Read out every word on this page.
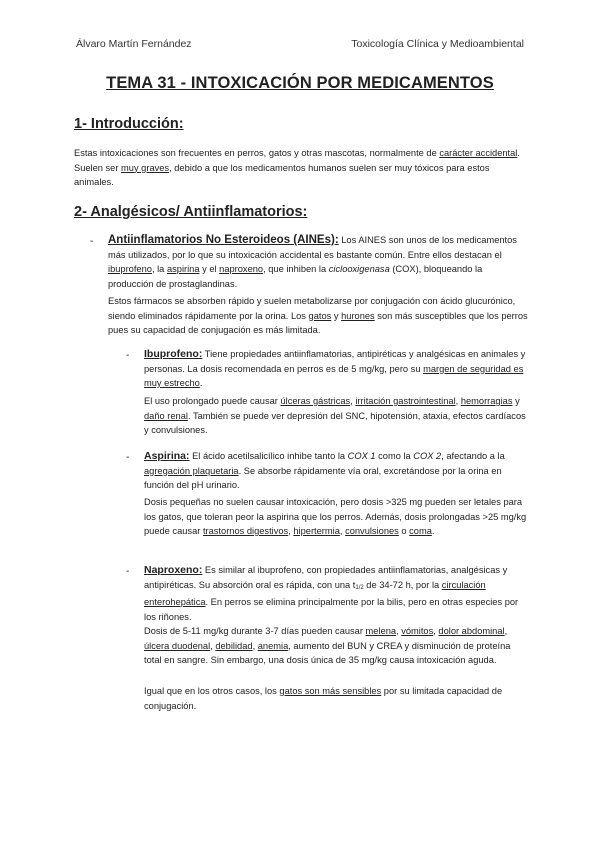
Álvaro Martín Fernández	Toxicología Clínica y Medioambiental
TEMA 31 - INTOXICACIÓN POR MEDICAMENTOS
1- Introducción:
Estas intoxicaciones son frecuentes en perros, gatos y otras mascotas, normalmente de carácter accidental. Suelen ser muy graves, debido a que los medicamentos humanos suelen ser muy tóxicos para estos animales.
2- Analgésicos/ Antiinflamatorios:
- Antiinflamatorios No Esteroideos (AINEs): Los AINES son unos de los medicamentos más utilizados, por lo que su intoxicación accidental es bastante común. Entre ellos destacan el ibuprofeno, la aspirina y el naproxeno, que inhiben la ciclooxigenasa (COX), bloqueando la producción de prostaglandinas.
Estos fármacos se absorben rápido y suelen metabolizarse por conjugación con ácido glucurónico, siendo eliminados rápidamente por la orina. Los gatos y hurones son más susceptibles que los perros pues su capacidad de conjugación es más limitada.
- Ibuprofeno: Tiene propiedades antiinflamatorias, antipiréticas y analgésicas en animales y personas. La dosis recomendada en perros es de 5 mg/kg, pero su margen de seguridad es muy estrecho.
El uso prolongado puede causar úlceras gástricas, irritación gastrointestinal, hemorragias y daño renal. También se puede ver depresión del SNC, hipotensión, ataxia, efectos cardíacos y convulsiones.
- Aspirina: El ácido acetilsalicílico inhibe tanto la COX 1 como la COX 2, afectando a la agregación plaquetaria. Se absorbe rápidamente vía oral, excretándose por la orina en función del pH urinario.
Dosis pequeñas no suelen causar intoxicación, pero dosis >325 mg pueden ser letales para los gatos, que toleran peor la aspirina que los perros. Además, dosis prolongadas >25 mg/kg puede causar trastornos digestivos, hipertermia, convulsiones o coma.
- Naproxeno: Es similar al ibuprofeno, con propiedades antiinflamatorias, analgésicas y antipiréticas. Su absorción oral es rápida, con una $t_{1/2}$ de 34-72 h, por la circulación enterohepática. En perros se elimina principalmente por la bilis, pero en otras especies por los riñones.
Dosis de 5-11 mg/kg durante 3-7 días pueden causar melena, vómitos, dolor abdominal, úlcera duodenal, debilidad, anemia, aumento del BUN y CREA y disminución de proteína total en sangre. Sin embargo, una dosis única de 35 mg/kg causa intoxicación aguda.
Igual que en los otros casos, los gatos son más sensibles por su limitada capacidad de conjugación.
